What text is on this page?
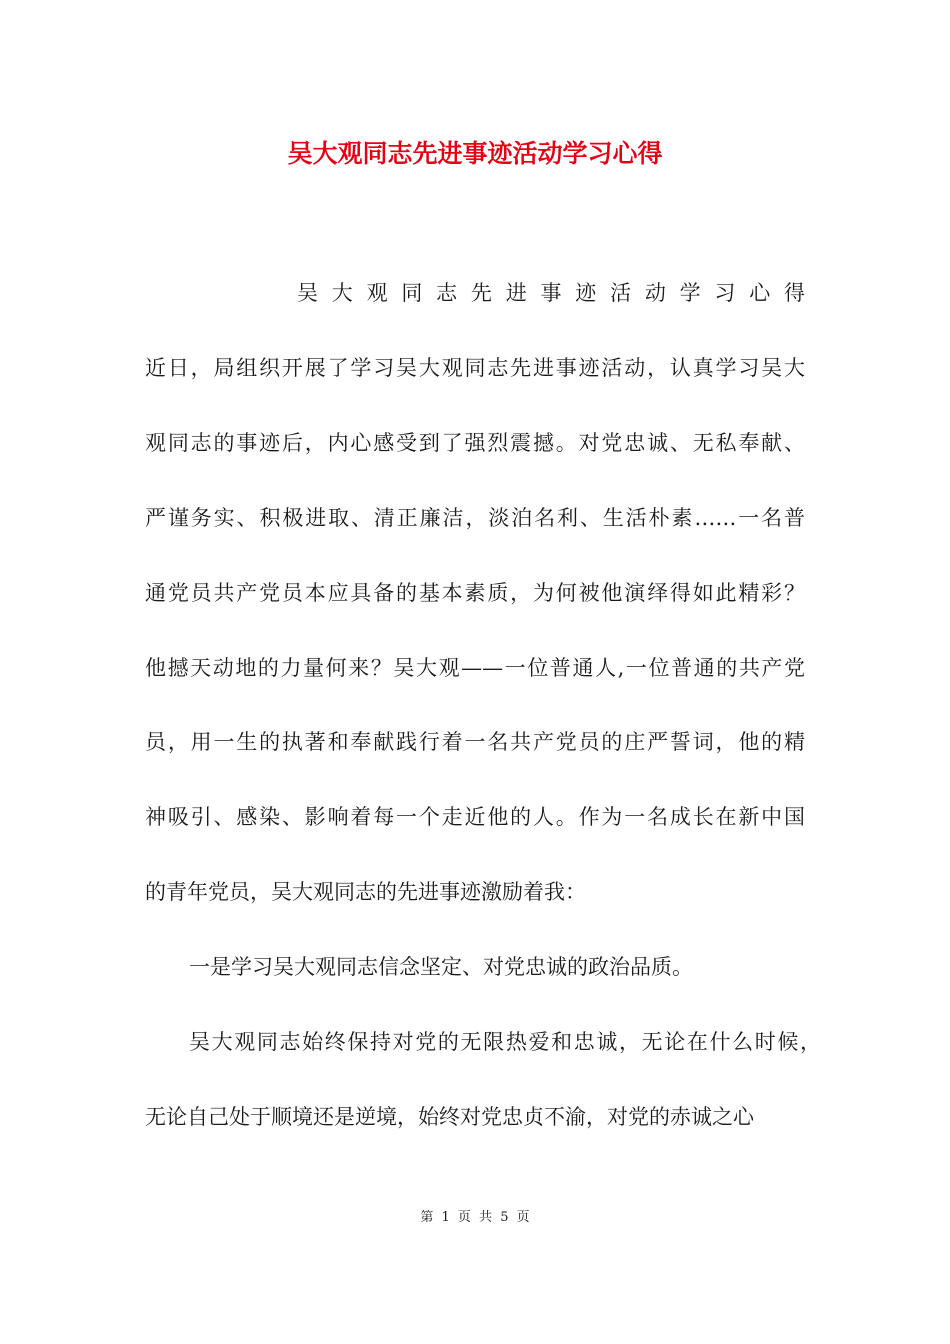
吴大观同志先进事迹活动学习心得
吴大观同志先进事迹活动学习心得
近日，局组织开展了学习吴大观同志先进事迹活动，认真学习吴大
观同志的事迹后，内心感受到了强烈震撼。对党忠诚、无私奉献、
严谨务实、积极进取、清正廉洁，淡泊名利、生活朴素……一名普
通党员共产党员本应具备的基本素质，为何被他演绎得如此精彩？
他撼天动地的力量何来？吴大观——一位普通人,一位普通的共产党
员，用一生的执著和奉献践行着一名共产党员的庄严誓词，他的精
神吸引、感染、影响着每一个走近他的人。作为一名成长在新中国
的青年党员，吴大观同志的先进事迹激励着我：
一是学习吴大观同志信念坚定、对党忠诚的政治品质。
吴大观同志始终保持对党的无限热爱和忠诚，无论在什么时候，
无论自己处于顺境还是逆境，始终对党忠贞不渝，对党的赤诚之心
第 1 页 共 5 页
